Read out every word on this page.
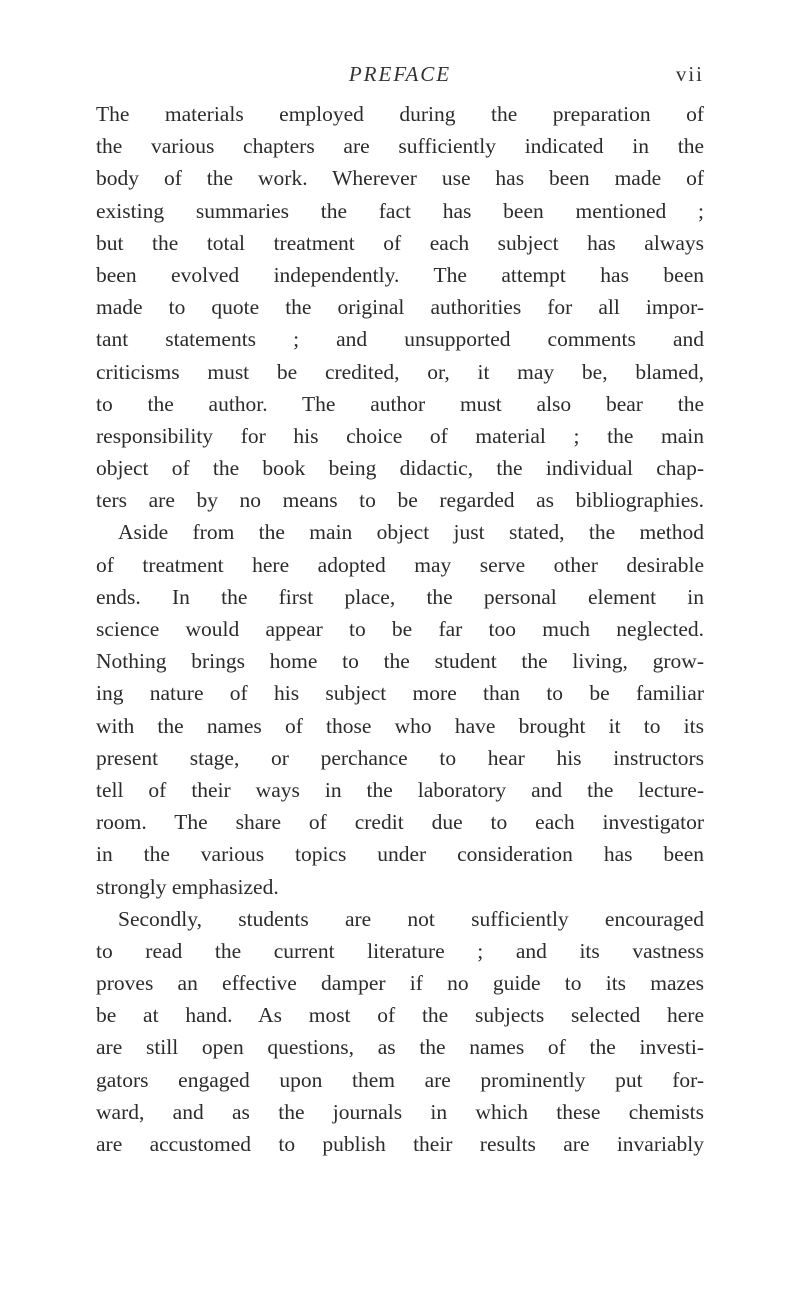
PREFACE	vii
The materials employed during the preparation of
the various chapters are sufficiently indicated in the
body of the work. Wherever use has been made of
existing summaries the fact has been mentioned ;
but the total treatment of each subject has always
been evolved independently. The attempt has been
made to quote the original authorities for all impor-
tant statements ; and unsupported comments and
criticisms must be credited, or, it may be, blamed,
to the author. The author must also bear the
responsibility for his choice of material ; the main
object of the book being didactic, the individual chap-
ters are by no means to be regarded as bibliographies.
Aside from the main object just stated, the method
of treatment here adopted may serve other desirable
ends. In the first place, the personal element in
science would appear to be far too much neglected.
Nothing brings home to the student the living, grow-
ing nature of his subject more than to be familiar
with the names of those who have brought it to its
present stage, or perchance to hear his instructors
tell of their ways in the laboratory and the lecture-
room. The share of credit due to each investigator
in the various topics under consideration has been
strongly emphasized.
Secondly, students are not sufficiently encouraged
to read the current literature ; and its vastness
proves an effective damper if no guide to its mazes
be at hand. As most of the subjects selected here
are still open questions, as the names of the investi-
gators engaged upon them are prominently put for-
ward, and as the journals in which these chemists
are accustomed to publish their results are invariably
